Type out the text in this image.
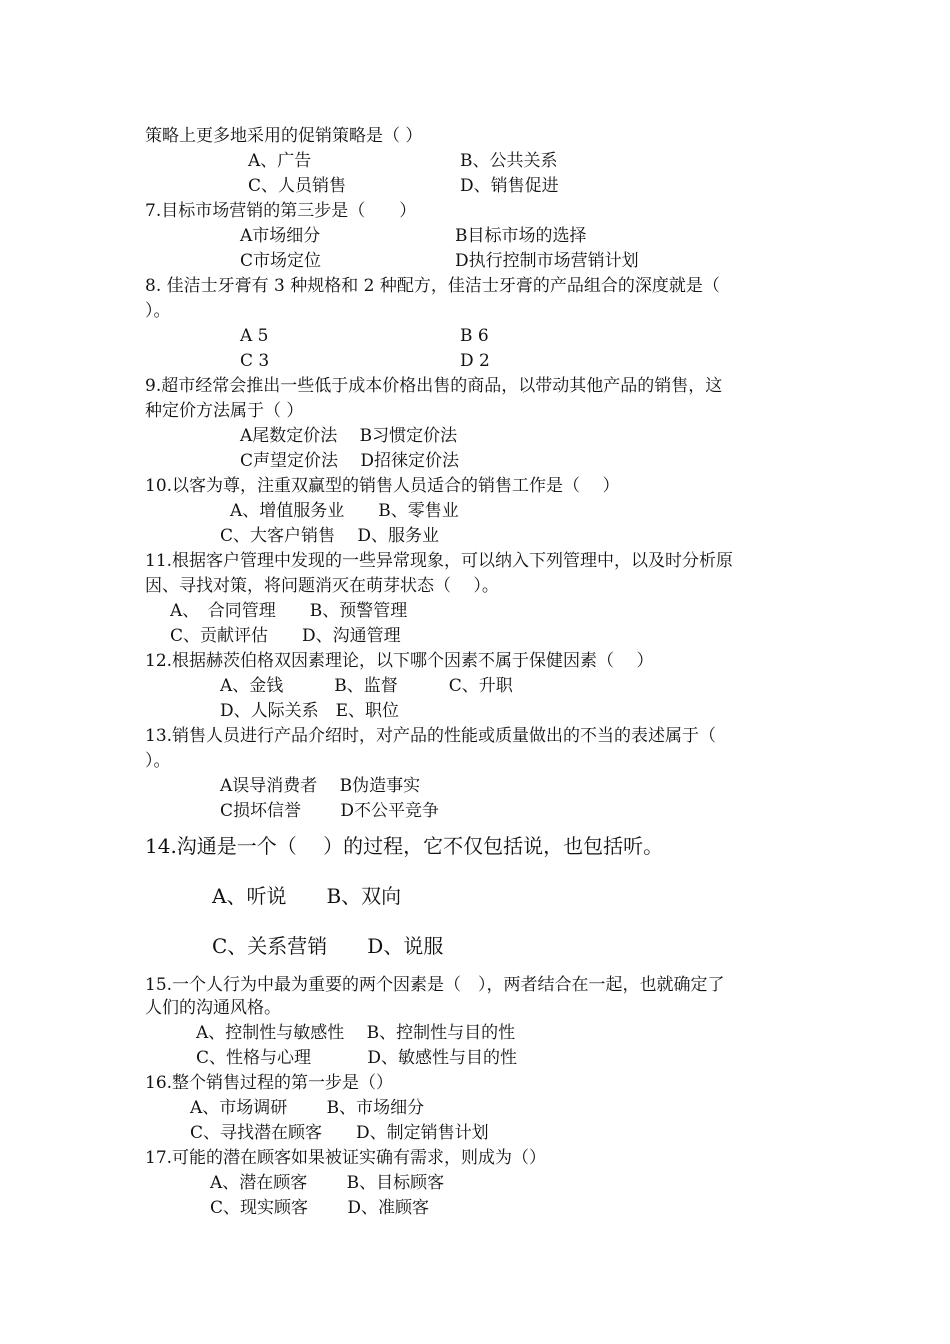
策略上更多地采用的促销策略是（ ）
A、广告	B、公共关系
C、人员销售	D、销售促进
7.目标市场营销的第三步是（　　）
A市场细分	B目标市场的选择
C市场定位	D执行控制市场营销计划
8. 佳洁士牙膏有 3 种规格和 2 种配方，佳洁士牙膏的产品组合的深度就是（
）。
A 5	B 6
C 3	D 2
9.超市经常会推出一些低于成本价格出售的商品，以带动其他产品的销售，这
种定价方法属于（ ）
A尾数定价法　 B习惯定价法
C声望定价法　 D招徕定价法
10.以客为尊，注重双赢型的销售人员适合的销售工作是（　 ）
A、增值服务业　　B、零售业
C、大客户销售　 D、服务业
11.根据客户管理中发现的一些异常现象，可以纳入下列管理中，以及时分析原
因、寻找对策，将问题消灭在萌芽状态（　 ）。
A、　合同管理　　B、预警管理
C、贡献评估　　D、沟通管理
12.根据赫茨伯格双因素理论，以下哪个因素不属于保健因素（　 ）
A、金钱　　　B、监督　　　C、升职
D、人际关系　E、职位
13.销售人员进行产品介绍时，对产品的性能或质量做出的不当的表述属于（
）。
A误导消费者　 B伪造事实
C损坏信誉　　 D不公平竞争
14.沟通是一个（　 ）的过程，它不仅包括说，也包括听。
A、听说　　B、双向
C、关系营销　　D、说服
15.一个人行为中最为重要的两个因素是（　），两者结合在一起，也就确定了
人们的沟通风格。
A、控制性与敏感性　 B、控制性与目的性
C、性格与心理　　　 D、敏感性与目的性
16.整个销售过程的第一步是（）
A、市场调研　　 B、市场细分
C、寻找潜在顾客　　D、制定销售计划
17.可能的潜在顾客如果被证实确有需求，则成为（）
A、潜在顾客　　 B、目标顾客
C、现实顾客　　 D、准顾客
